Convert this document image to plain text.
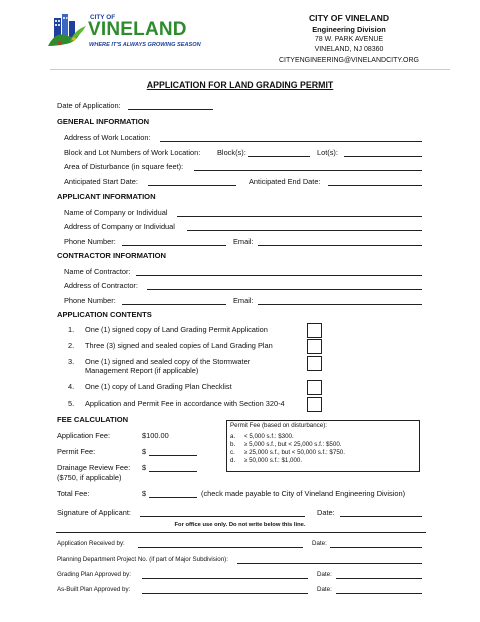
CITY OF
VINELAND
WHERE IT'S ALWAYS GROWING SEASON
CITY OF VINELAND
Engineering Division
78 W. PARK AVENUE
VINELAND, NJ 08360
CITYENGINEERING@VINELANDCITY.ORG
APPLICATION FOR LAND GRADING PERMIT
Date of Application:
GENERAL INFORMATION
Address of Work Location:
Block and Lot Numbers of Work Location: Block(s):	Lot(s):
Area of Disturbance (in square feet):
Anticipated Start Date:	Anticipated End Date:
APPLICANT INFORMATION
Name of Company or Individual
Address of Company or Individual
Phone Number:	Email:
CONTRACTOR INFORMATION
Name of Contractor:
Address of Contractor:
Phone Number:	Email:
APPLICATION CONTENTS
1. One (1) signed copy of Land Grading Permit Application
2. Three (3) signed and sealed copies of Land Grading Plan
3. One (1) signed and sealed copy of the Stormwater
Management Report (if applicable)
4. One (1) copy of Land Grading Plan Checklist
5. Application and Permit Fee in accordance with Section 320-4
FEE CALCULATION
Application Fee:	$100.00
Permit Fee:	$
Drainage Review Fee: $
($750, if applicable)
Permit Fee (based on disturbance):
a. < 5,000 s.f.: $300.
b. ≥ 5,000 s.f., but < 25,000 s.f.: $500.
c. ≥ 25,000 s.f., but < 50,000 s.f.: $750.
d. ≥ 50,000 s.f.: $1,000.
Total Fee:	$	(check made payable to City of Vineland Engineering Division)
Signature of Applicant:	Date:
For office use only. Do not write below this line.
Application Received by:	Date:
Planning Department Project No. (if part of Major Subdivision):
Grading Plan Approved by:	Date:
As-Built Plan Approved by:	Date:
